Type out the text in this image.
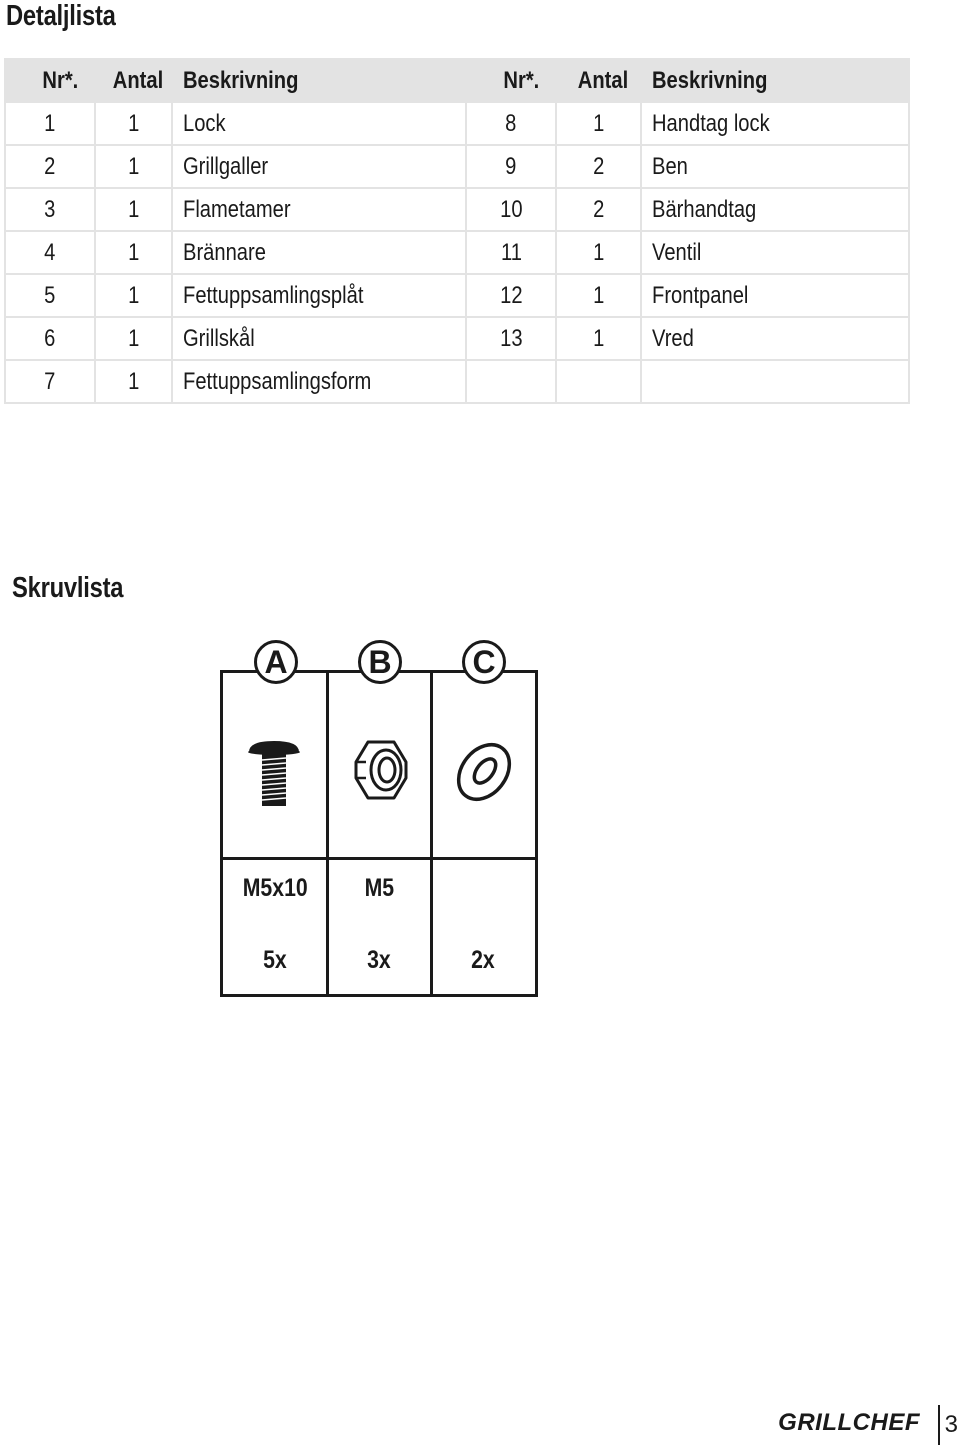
Detaljlista
Nr*.	Antal	Beskrivning	Nr*.	Antal	Beskrivning
1	1	Lock	8	1	Handtag lock
2	1	Grillgaller	9	2	Ben
3	1	Flametamer	10	2	Bärhandtag
4	1	Brännare	11	1	Ventil
5	1	Fettuppsamlingsplåt	12	1	Frontpanel
6	1	Grillskål	13	1	Vred
7	1	Fettuppsamlingsform			
Skruvlista
A	B	C
M5x10	M5
5x	3x	2x
GRILLCHEF 3
